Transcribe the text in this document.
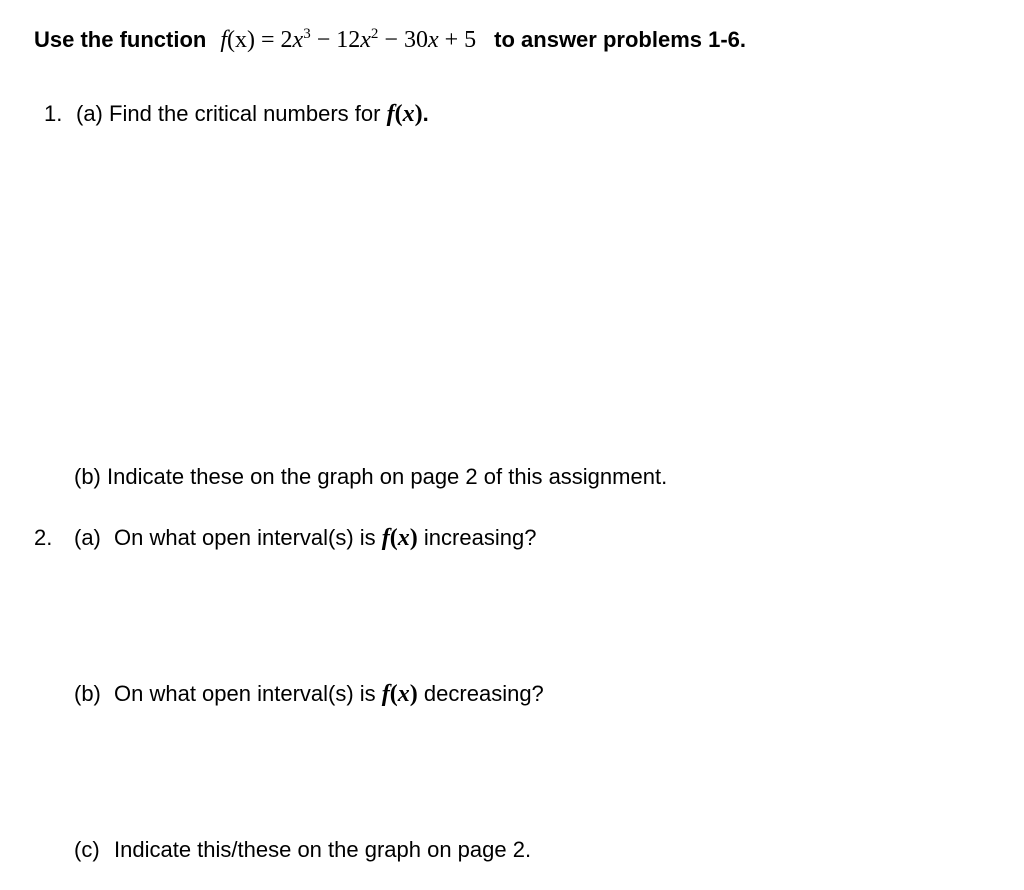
Use the function $f(x) = 2x^3 - 12x^2 - 30x + 5$ to answer problems 1-6.
1. (a) Find the critical numbers for f(x).
(b) Indicate these on the graph on page 2 of this assignment.
2. (a) On what open interval(s) is f(x) increasing?
(b) On what open interval(s) is f(x) decreasing?
(c) Indicate this/these on the graph on page 2.
